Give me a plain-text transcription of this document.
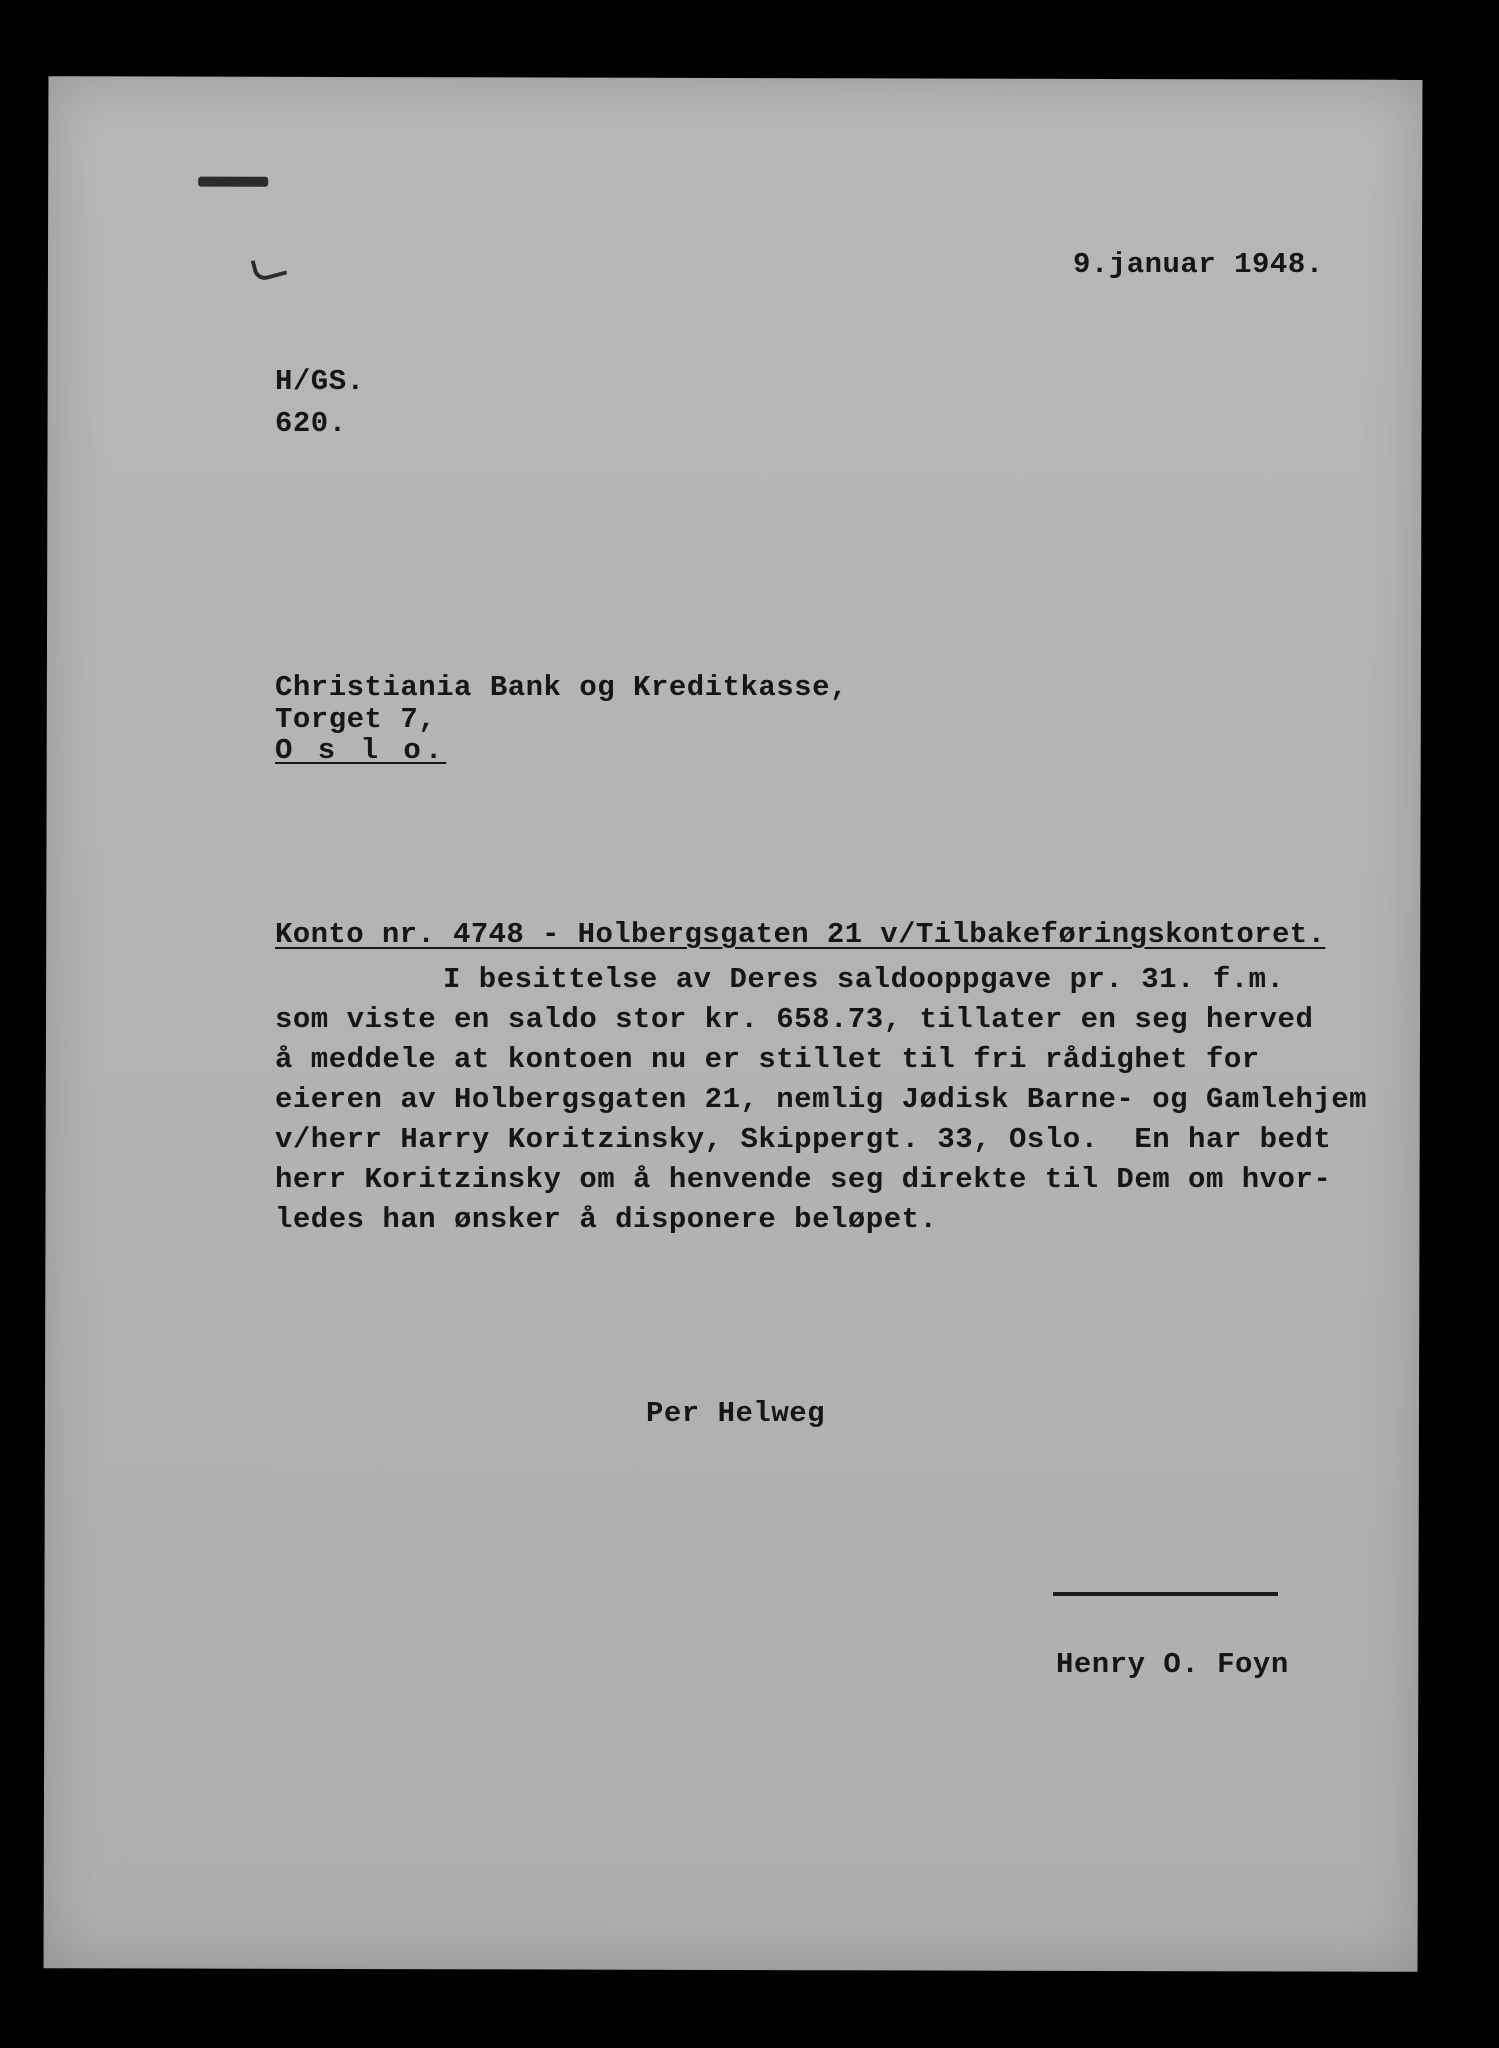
9.januar 1948.
H/GS.
620.
Christiania Bank og Kreditkasse,
Torget 7,
O s l o.
Konto nr. 4748 - Holbergsgaten 21 v/Tilbakeføringskontoret.
I besittelse av Deres saldooppgave pr. 31. f.m.
som viste en saldo stor kr. 658.73, tillater en seg herved
å meddele at kontoen nu er stillet til fri rådighet for
eieren av Holbergsgaten 21, nemlig Jødisk Barne- og Gamlehjem
v/herr Harry Koritzinsky, Skippergt. 33, Oslo.  En har bedt
herr Koritzinsky om å henvende seg direkte til Dem om hvor-
ledes han ønsker å disponere beløpet.
Per Helweg
Henry O. Foyn
